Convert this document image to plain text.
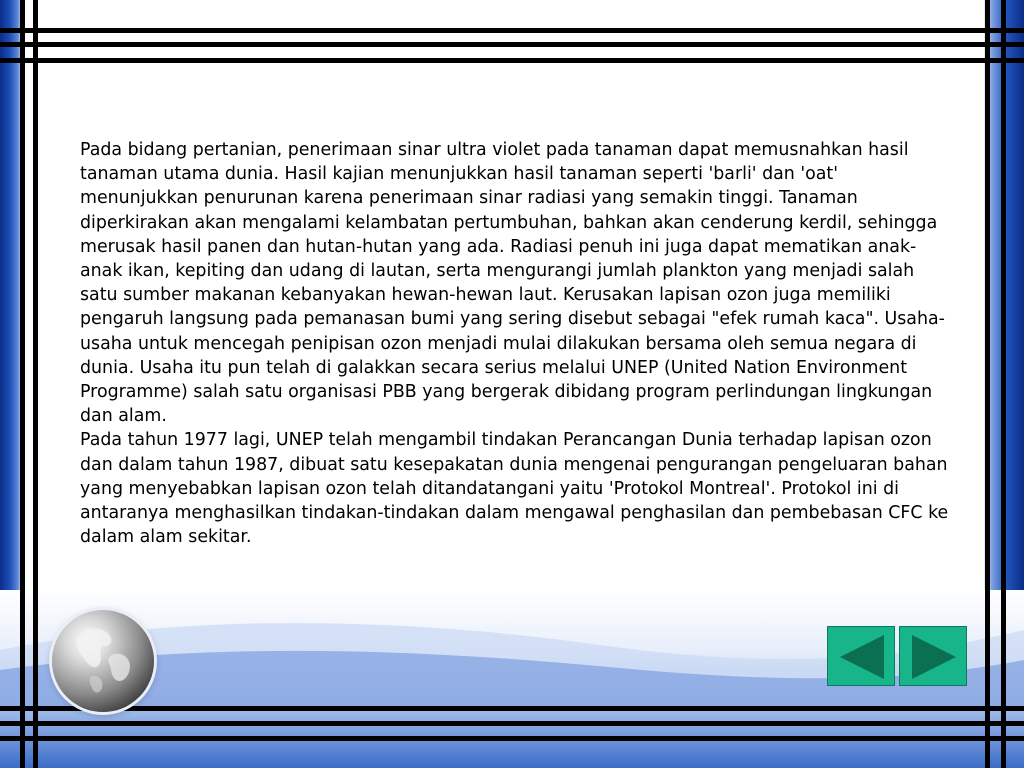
Pada bidang pertanian, penerimaan sinar ultra violet pada tanaman dapat memusnahkan hasil tanaman utama dunia. Hasil kajian menunjukkan hasil tanaman seperti 'barli' dan 'oat' menunjukkan penurunan karena penerimaan sinar radiasi yang semakin tinggi. Tanaman diperkirakan akan mengalami kelambatan pertumbuhan, bahkan akan cenderung kerdil, sehingga merusak hasil panen dan hutan-hutan yang ada. Radiasi penuh ini juga dapat mematikan anak-anak ikan, kepiting dan udang di lautan, serta mengurangi jumlah plankton yang menjadi salah satu sumber makanan kebanyakan hewan-hewan laut. Kerusakan lapisan ozon juga memiliki pengaruh langsung pada pemanasan bumi yang sering disebut sebagai "efek rumah kaca". Usaha-usaha untuk mencegah penipisan ozon menjadi mulai dilakukan bersama oleh semua negara di dunia. Usaha itu pun telah di galakkan secara serius melalui UNEP (United Nation Environment Programme) salah satu organisasi PBB yang bergerak dibidang program perlindungan lingkungan dan alam.

Pada tahun 1977 lagi, UNEP telah mengambil tindakan Perancangan Dunia terhadap lapisan ozon dan dalam tahun 1987, dibuat satu kesepakatan dunia mengenai pengurangan pengeluaran bahan yang menyebabkan lapisan ozon telah ditandatangani yaitu 'Protokol Montreal'. Protokol ini di antaranya menghasilkan tindakan-tindakan dalam mengawal penghasilan dan pembebasan CFC ke dalam alam sekitar.
